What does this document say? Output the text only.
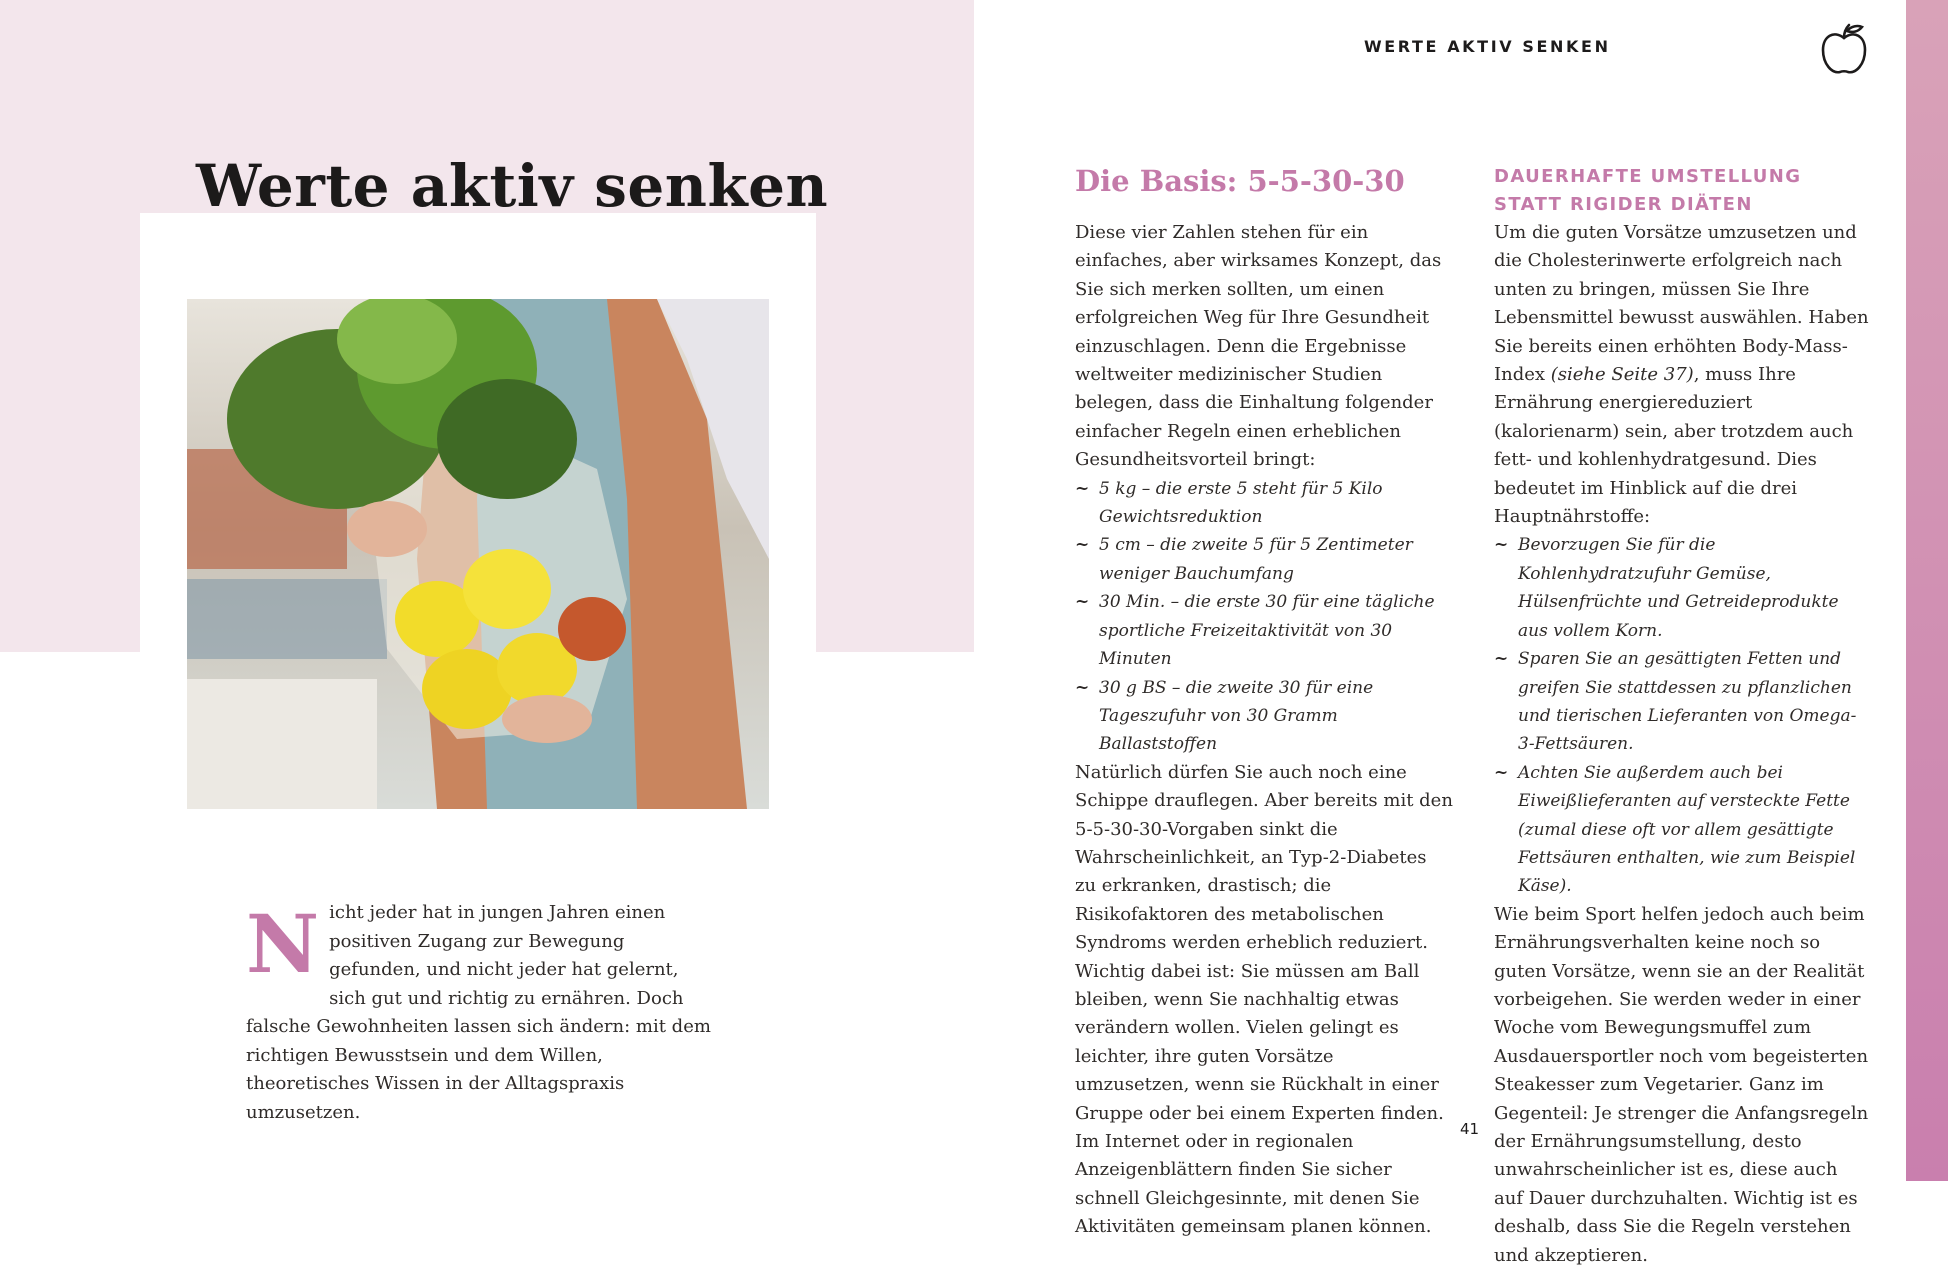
Werte aktiv senken
Nicht jeder hat in jungen Jahren einen positiven Zugang zur Bewegung gefunden, und nicht jeder hat gelernt, sich gut und richtig zu ernähren. Doch falsche Gewohnheiten lassen sich ändern: mit dem richtigen Bewusstsein und dem Willen, theoretisches Wissen in der Alltagspraxis umzusetzen.
WERTE AKTIV SENKEN
Die Basis: 5-5-30-30

Diese vier Zahlen stehen für ein einfaches, aber wirksames Konzept, das Sie sich merken sollten, um einen erfolgreichen Weg für Ihre Gesundheit einzuschlagen. Denn die Ergebnisse weltweiter medizinischer Studien belegen, dass die Einhaltung folgender einfacher Regeln einen erheblichen Gesundheitsvorteil bringt:

~ 5 kg – die erste 5 steht für 5 Kilo Gewichtsreduktion
~ 5 cm – die zweite 5 für 5 Zentimeter weniger Bauchumfang
~ 30 Min. – die erste 30 für eine tägliche sportliche Freizeitaktivität von 30 Minuten
~ 30 g BS – die zweite 30 für eine Tageszufuhr von 30 Gramm Ballaststoffen

Natürlich dürfen Sie auch noch eine Schippe drauflegen. Aber bereits mit den 5-5-30-30-Vorgaben sinkt die Wahrscheinlichkeit, an Typ-2-Diabetes zu erkranken, drastisch; die Risikofaktoren des metabolischen Syndroms werden erheblich reduziert. Wichtig dabei ist: Sie müssen am Ball bleiben, wenn Sie nachhaltig etwas verändern wollen. Vielen gelingt es leichter, ihre guten Vorsätze umzusetzen, wenn sie Rückhalt in einer Gruppe oder bei einem Experten finden. Im Internet oder in regionalen Anzeigenblättern finden Sie sicher schnell Gleichgesinnte, mit denen Sie Aktivitäten gemeinsam planen können.

DAUERHAFTE UMSTELLUNG
STATT RIGIDER DIÄTEN

Um die guten Vorsätze umzusetzen und die Cholesterinwerte erfolgreich nach unten zu bringen, müssen Sie Ihre Lebensmittel bewusst auswählen. Haben Sie bereits einen erhöhten Body-Mass-Index (siehe Seite 37), muss Ihre Ernährung energiereduziert (kalorienarm) sein, aber trotzdem auch fett- und kohlenhydratgesund. Dies bedeutet im Hinblick auf die drei Hauptnährstoffe:

~ Bevorzugen Sie für die Kohlenhydratzufuhr Gemüse, Hülsenfrüchte und Getreideprodukte aus vollem Korn.
~ Sparen Sie an gesättigten Fetten und greifen Sie stattdessen zu pflanzlichen und tierischen Lieferanten von Omega-3-Fettsäuren.
~ Achten Sie außerdem auch bei Eiweißlieferanten auf versteckte Fette (zumal diese oft vor allem gesättigte Fettsäuren enthalten, wie zum Beispiel Käse).

Wie beim Sport helfen jedoch auch beim Ernährungsverhalten keine noch so guten Vorsätze, wenn sie an der Realität vorbeigehen. Sie werden weder in einer Woche vom Bewegungsmuffel zum Ausdauersportler noch vom begeisterten Steakesser zum Vegetarier. Ganz im Gegenteil: Je strenger die Anfangsregeln der Ernährungsumstellung, desto unwahrscheinlicher ist es, diese auch auf Dauer durchzuhalten. Wichtig ist es deshalb, dass Sie die Regeln verstehen und akzeptieren.

41
